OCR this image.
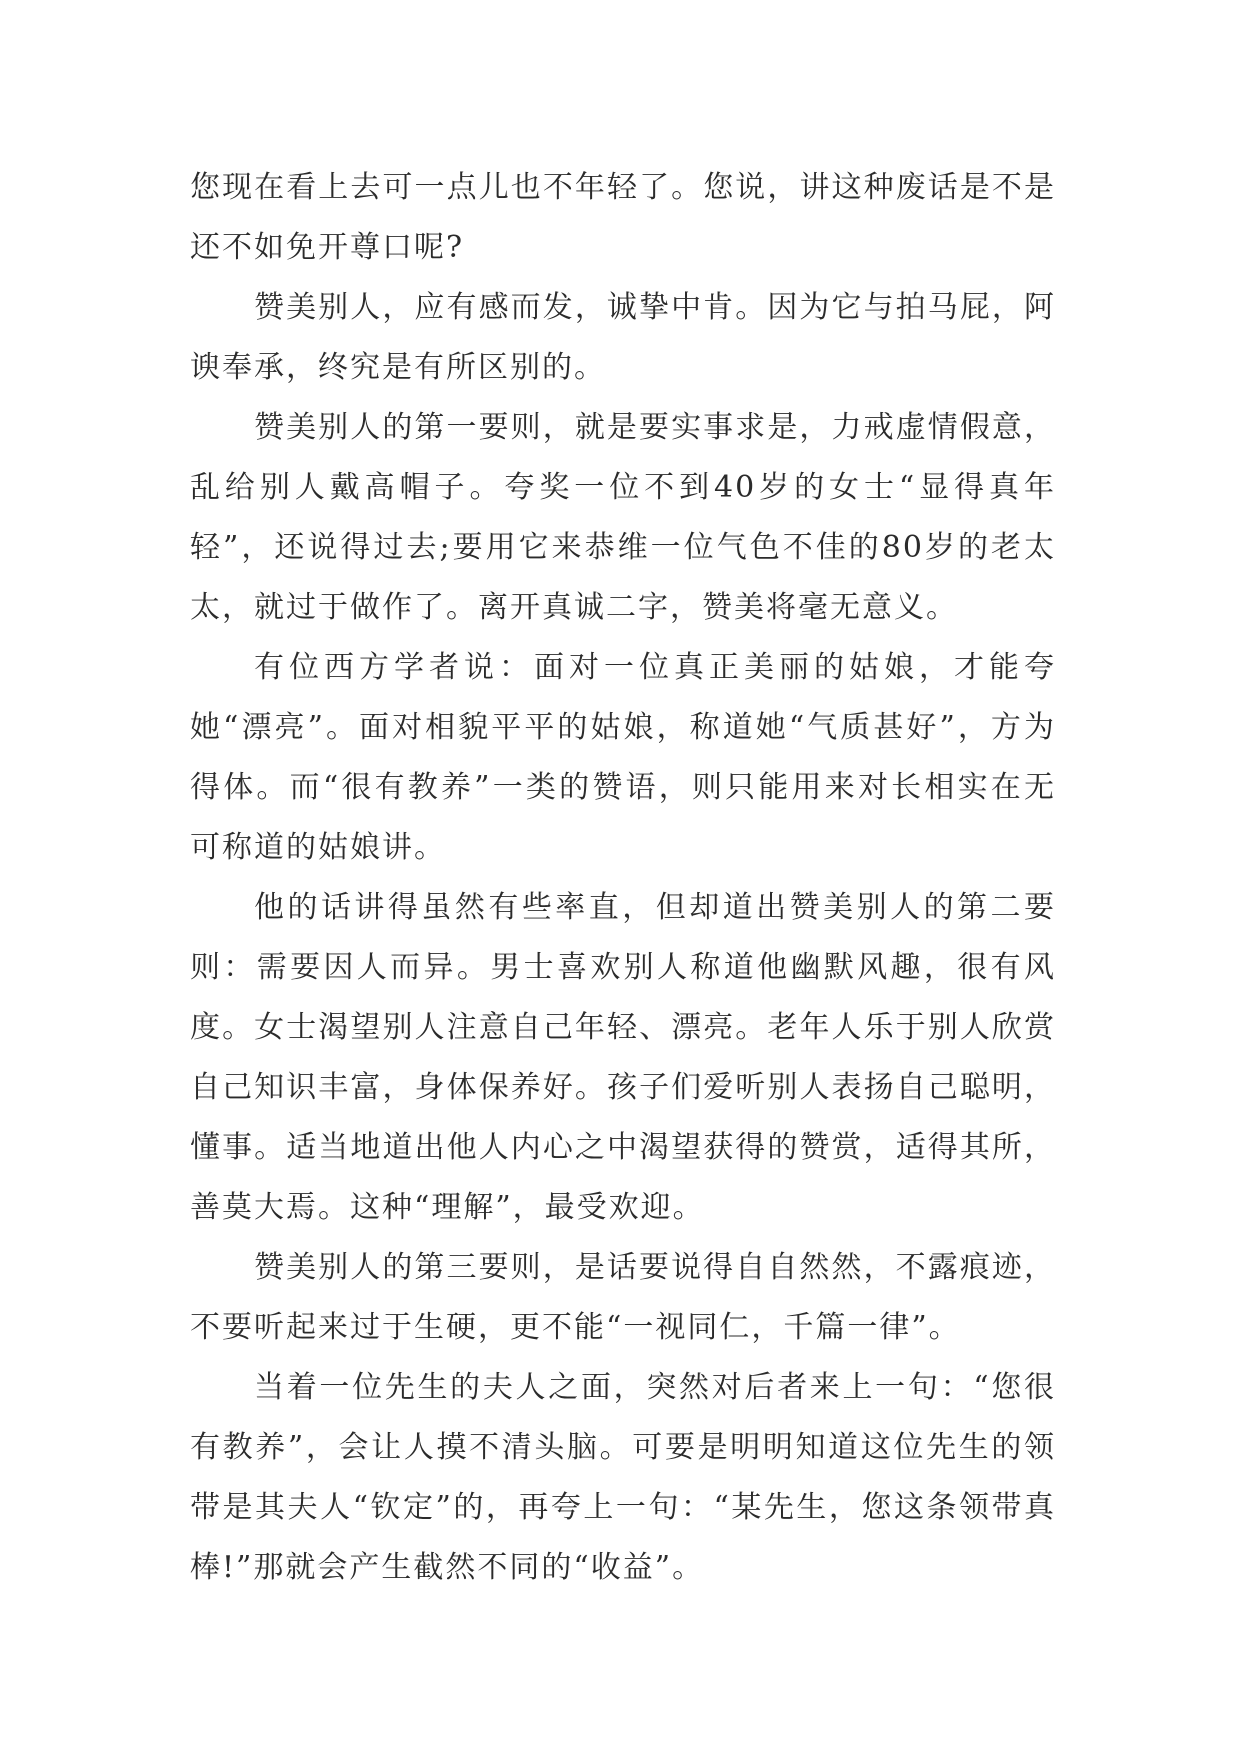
您现在看上去可一点儿也不年轻了。您说，讲这种废话是不是还不如免开尊口呢?

赞美别人，应有感而发，诚挚中肯。因为它与拍马屁，阿谀奉承，终究是有所区别的。

赞美别人的第一要则，就是要实事求是，力戒虚情假意，乱给别人戴高帽子。夸奖一位不到40岁的女士“显得真年轻”，还说得过去;要用它来恭维一位气色不佳的80岁的老太太，就过于做作了。离开真诚二字，赞美将毫无意义。

有位西方学者说：面对一位真正美丽的姑娘，才能夸她“漂亮”。面对相貌平平的姑娘，称道她“气质甚好”，方为得体。而“很有教养”一类的赞语，则只能用来对长相实在无可称道的姑娘讲。

他的话讲得虽然有些率直，但却道出赞美别人的第二要则：需要因人而异。男士喜欢别人称道他幽默风趣，很有风度。女士渴望别人注意自己年轻、漂亮。老年人乐于别人欣赏自己知识丰富，身体保养好。孩子们爱听别人表扬自己聪明，懂事。适当地道出他人内心之中渴望获得的赞赏，适得其所，善莫大焉。这种“理解”，最受欢迎。

赞美别人的第三要则，是话要说得自自然然，不露痕迹，不要听起来过于生硬，更不能“一视同仁，千篇一律”。

当着一位先生的夫人之面，突然对后者来上一句：“您很有教养”，会让人摸不清头脑。可要是明明知道这位先生的领带是其夫人“钦定”的，再夸上一句：“某先生，您这条领带真棒!”那就会产生截然不同的“收益”。
